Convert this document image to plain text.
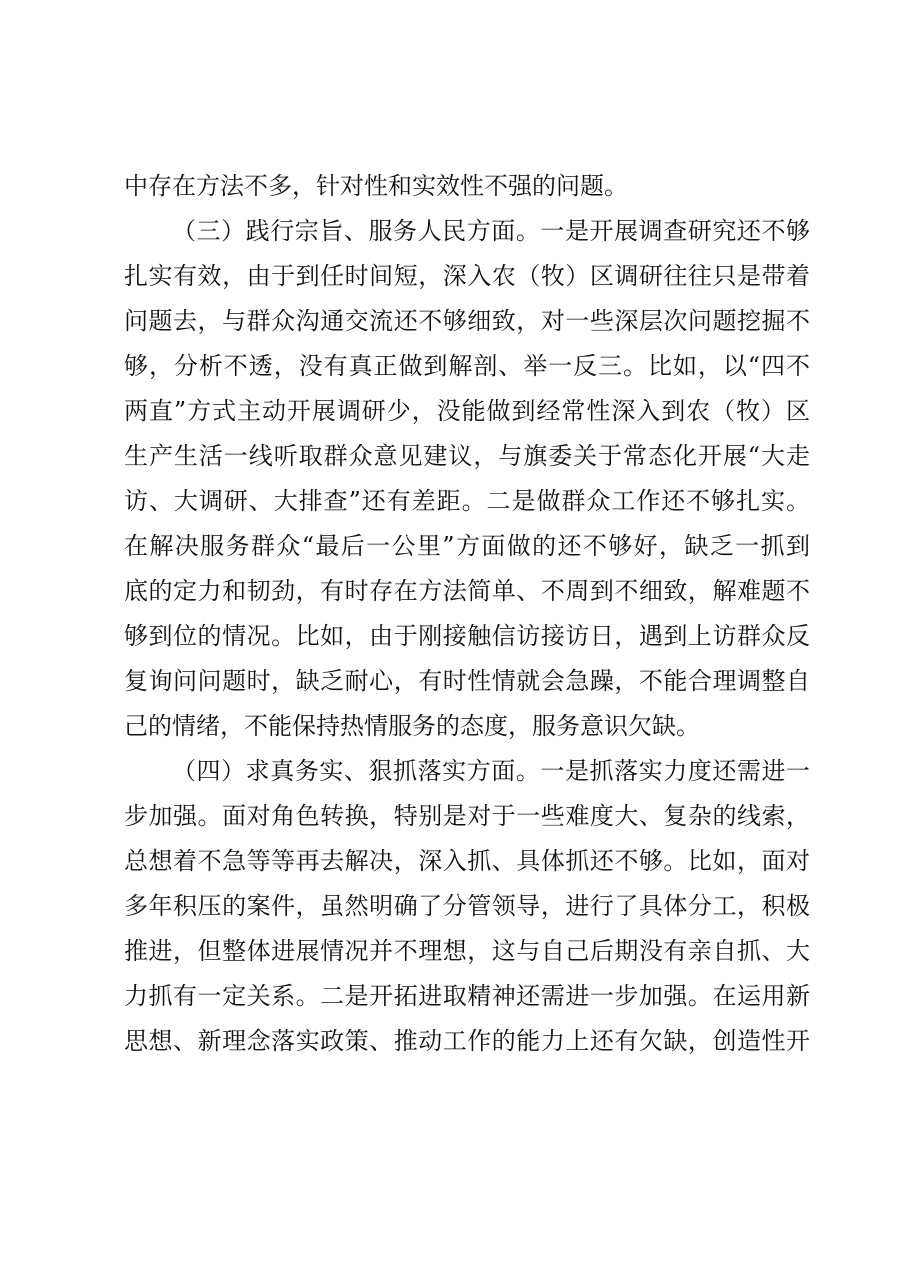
中存在方法不多，针对性和实效性不强的问题。
（三）践行宗旨、服务人民方面。一是开展调查研究还不够
扎实有效，由于到任时间短，深入农（牧）区调研往往只是带着
问题去，与群众沟通交流还不够细致，对一些深层次问题挖掘不
够，分析不透，没有真正做到解剖、举一反三。比如，以“四不
两直”方式主动开展调研少，没能做到经常性深入到农（牧）区
生产生活一线听取群众意见建议，与旗委关于常态化开展“大走
访、大调研、大排查”还有差距。二是做群众工作还不够扎实。
在解决服务群众“最后一公里”方面做的还不够好，缺乏一抓到
底的定力和韧劲，有时存在方法简单、不周到不细致，解难题不
够到位的情况。比如，由于刚接触信访接访日，遇到上访群众反
复询问问题时，缺乏耐心，有时性情就会急躁，不能合理调整自
己的情绪，不能保持热情服务的态度，服务意识欠缺。
（四）求真务实、狠抓落实方面。一是抓落实力度还需进一
步加强。面对角色转换，特别是对于一些难度大、复杂的线索，
总想着不急等等再去解决，深入抓、具体抓还不够。比如，面对
多年积压的案件，虽然明确了分管领导，进行了具体分工，积极
推进，但整体进展情况并不理想，这与自己后期没有亲自抓、大
力抓有一定关系。二是开拓进取精神还需进一步加强。在运用新
思想、新理念落实政策、推动工作的能力上还有欠缺，创造性开
